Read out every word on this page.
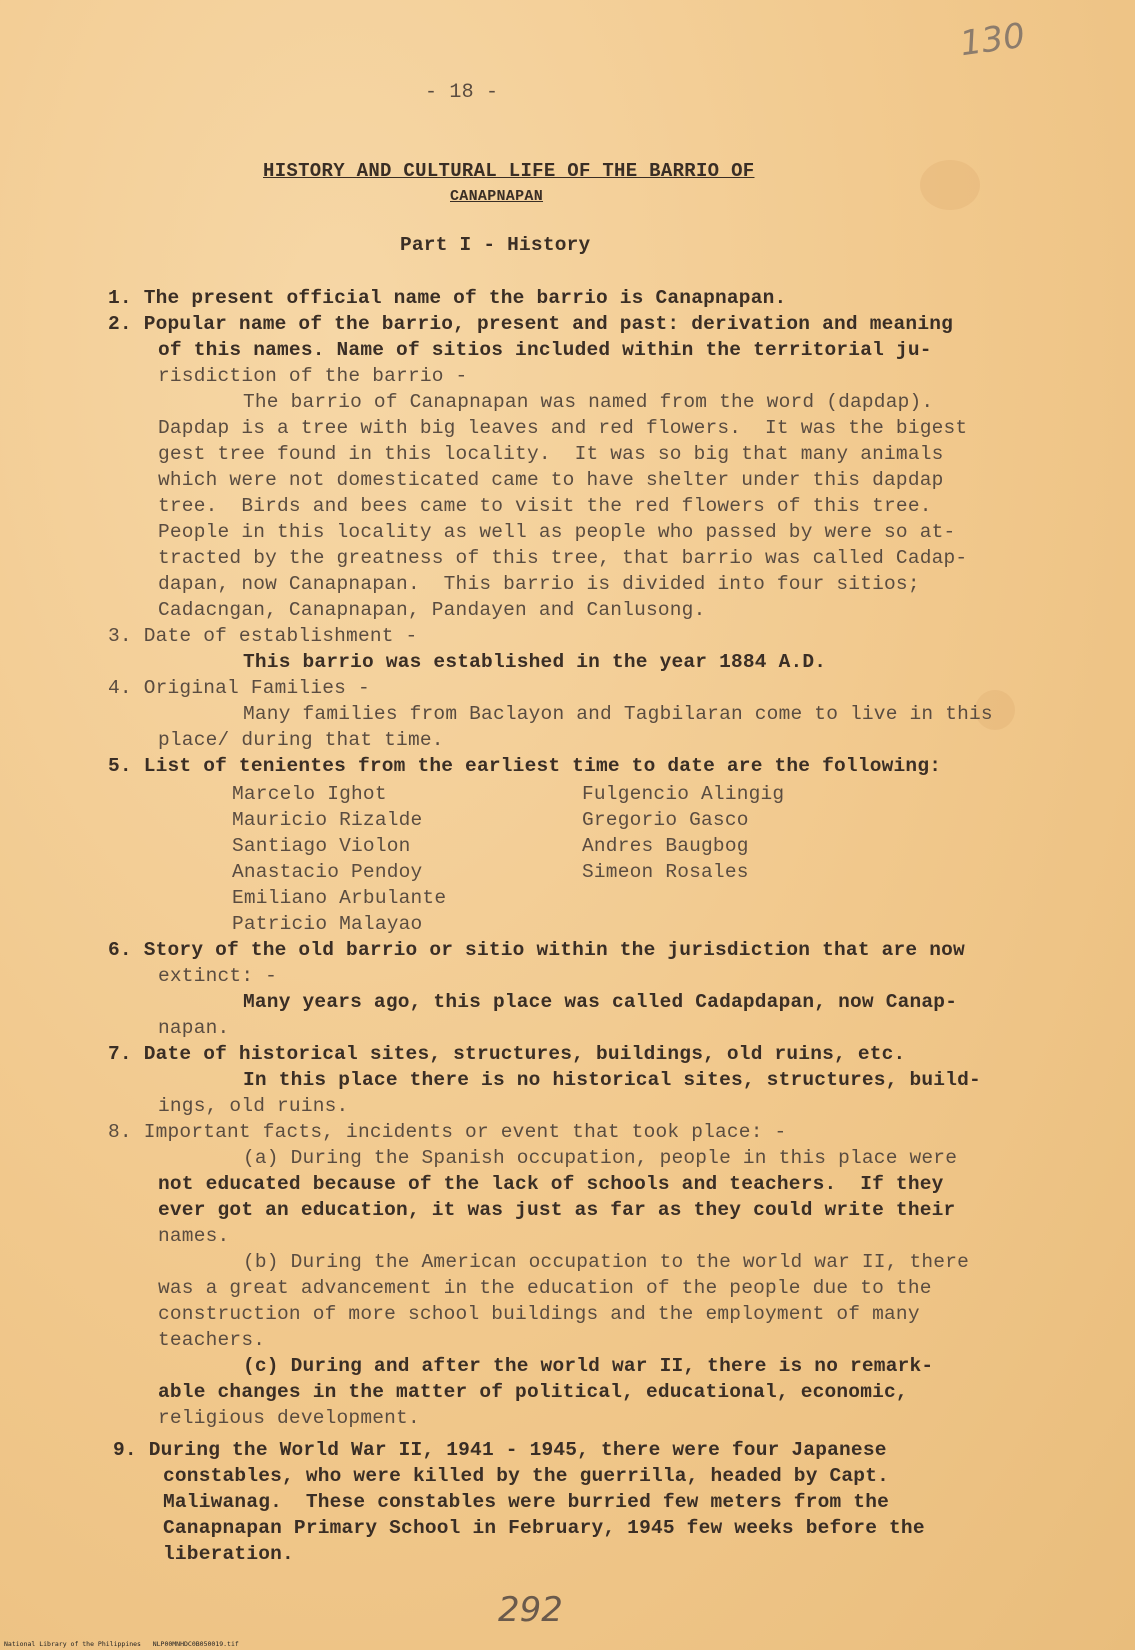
130
- 18 -
HISTORY AND CULTURAL LIFE OF THE BARRIO OF
CANAPNAPAN
Part I - History
1. The present official name of the barrio is Canapnapan.
2. Popular name of the barrio, present and past: derivation and meaning
of this names. Name of sitios included within the territorial ju-
risdiction of the barrio -
The barrio of Canapnapan was named from the word (dapdap).
Dapdap is a tree with big leaves and red flowers.  It was the bigest
gest tree found in this locality.  It was so big that many animals
which were not domesticated came to have shelter under this dapdap
tree.  Birds and bees came to visit the red flowers of this tree.
People in this locality as well as people who passed by were so at-
tracted by the greatness of this tree, that barrio was called Cadap-
dapan, now Canapnapan.  This barrio is divided into four sitios;
Cadacngan, Canapnapan, Pandayen and Canlusong.
3. Date of establishment -
This barrio was established in the year 1884 A.D.
4. Original Families -
Many families from Baclayon and Tagbilaran come to live in this
place/ during that time.
5. List of tenientes from the earliest time to date are the following:
Marcelo Ighot
Mauricio Rizalde
Santiago Violon
Anastacio Pendoy
Emiliano Arbulante
Patricio Malayao
Fulgencio Alingig
Gregorio Gasco
Andres Baugbog
Simeon Rosales
6. Story of the old barrio or sitio within the jurisdiction that are now
extinct: -
Many years ago, this place was called Cadapdapan, now Canap-
napan.
7. Date of historical sites, structures, buildings, old ruins, etc.
In this place there is no historical sites, structures, build-
ings, old ruins.
8. Important facts, incidents or event that took place: -
(a) During the Spanish occupation, people in this place were
not educated because of the lack of schools and teachers.  If they
ever got an education, it was just as far as they could write their
names.
(b) During the American occupation to the world war II, there
was a great advancement in the education of the people due to the
construction of more school buildings and the employment of many
teachers.
(c) During and after the world war II, there is no remark-
able changes in the matter of political, educational, economic,
religious development.
9. During the World War II, 1941 - 1945, there were four Japanese
constables, who were killed by the guerrilla, headed by Capt.
Maliwanag.  These constables were burried few meters from the
Canapnapan Primary School in February, 1945 few weeks before the
liberation.
292
National Library of the Philippines   NLP00MNHDC0B050019.tif
